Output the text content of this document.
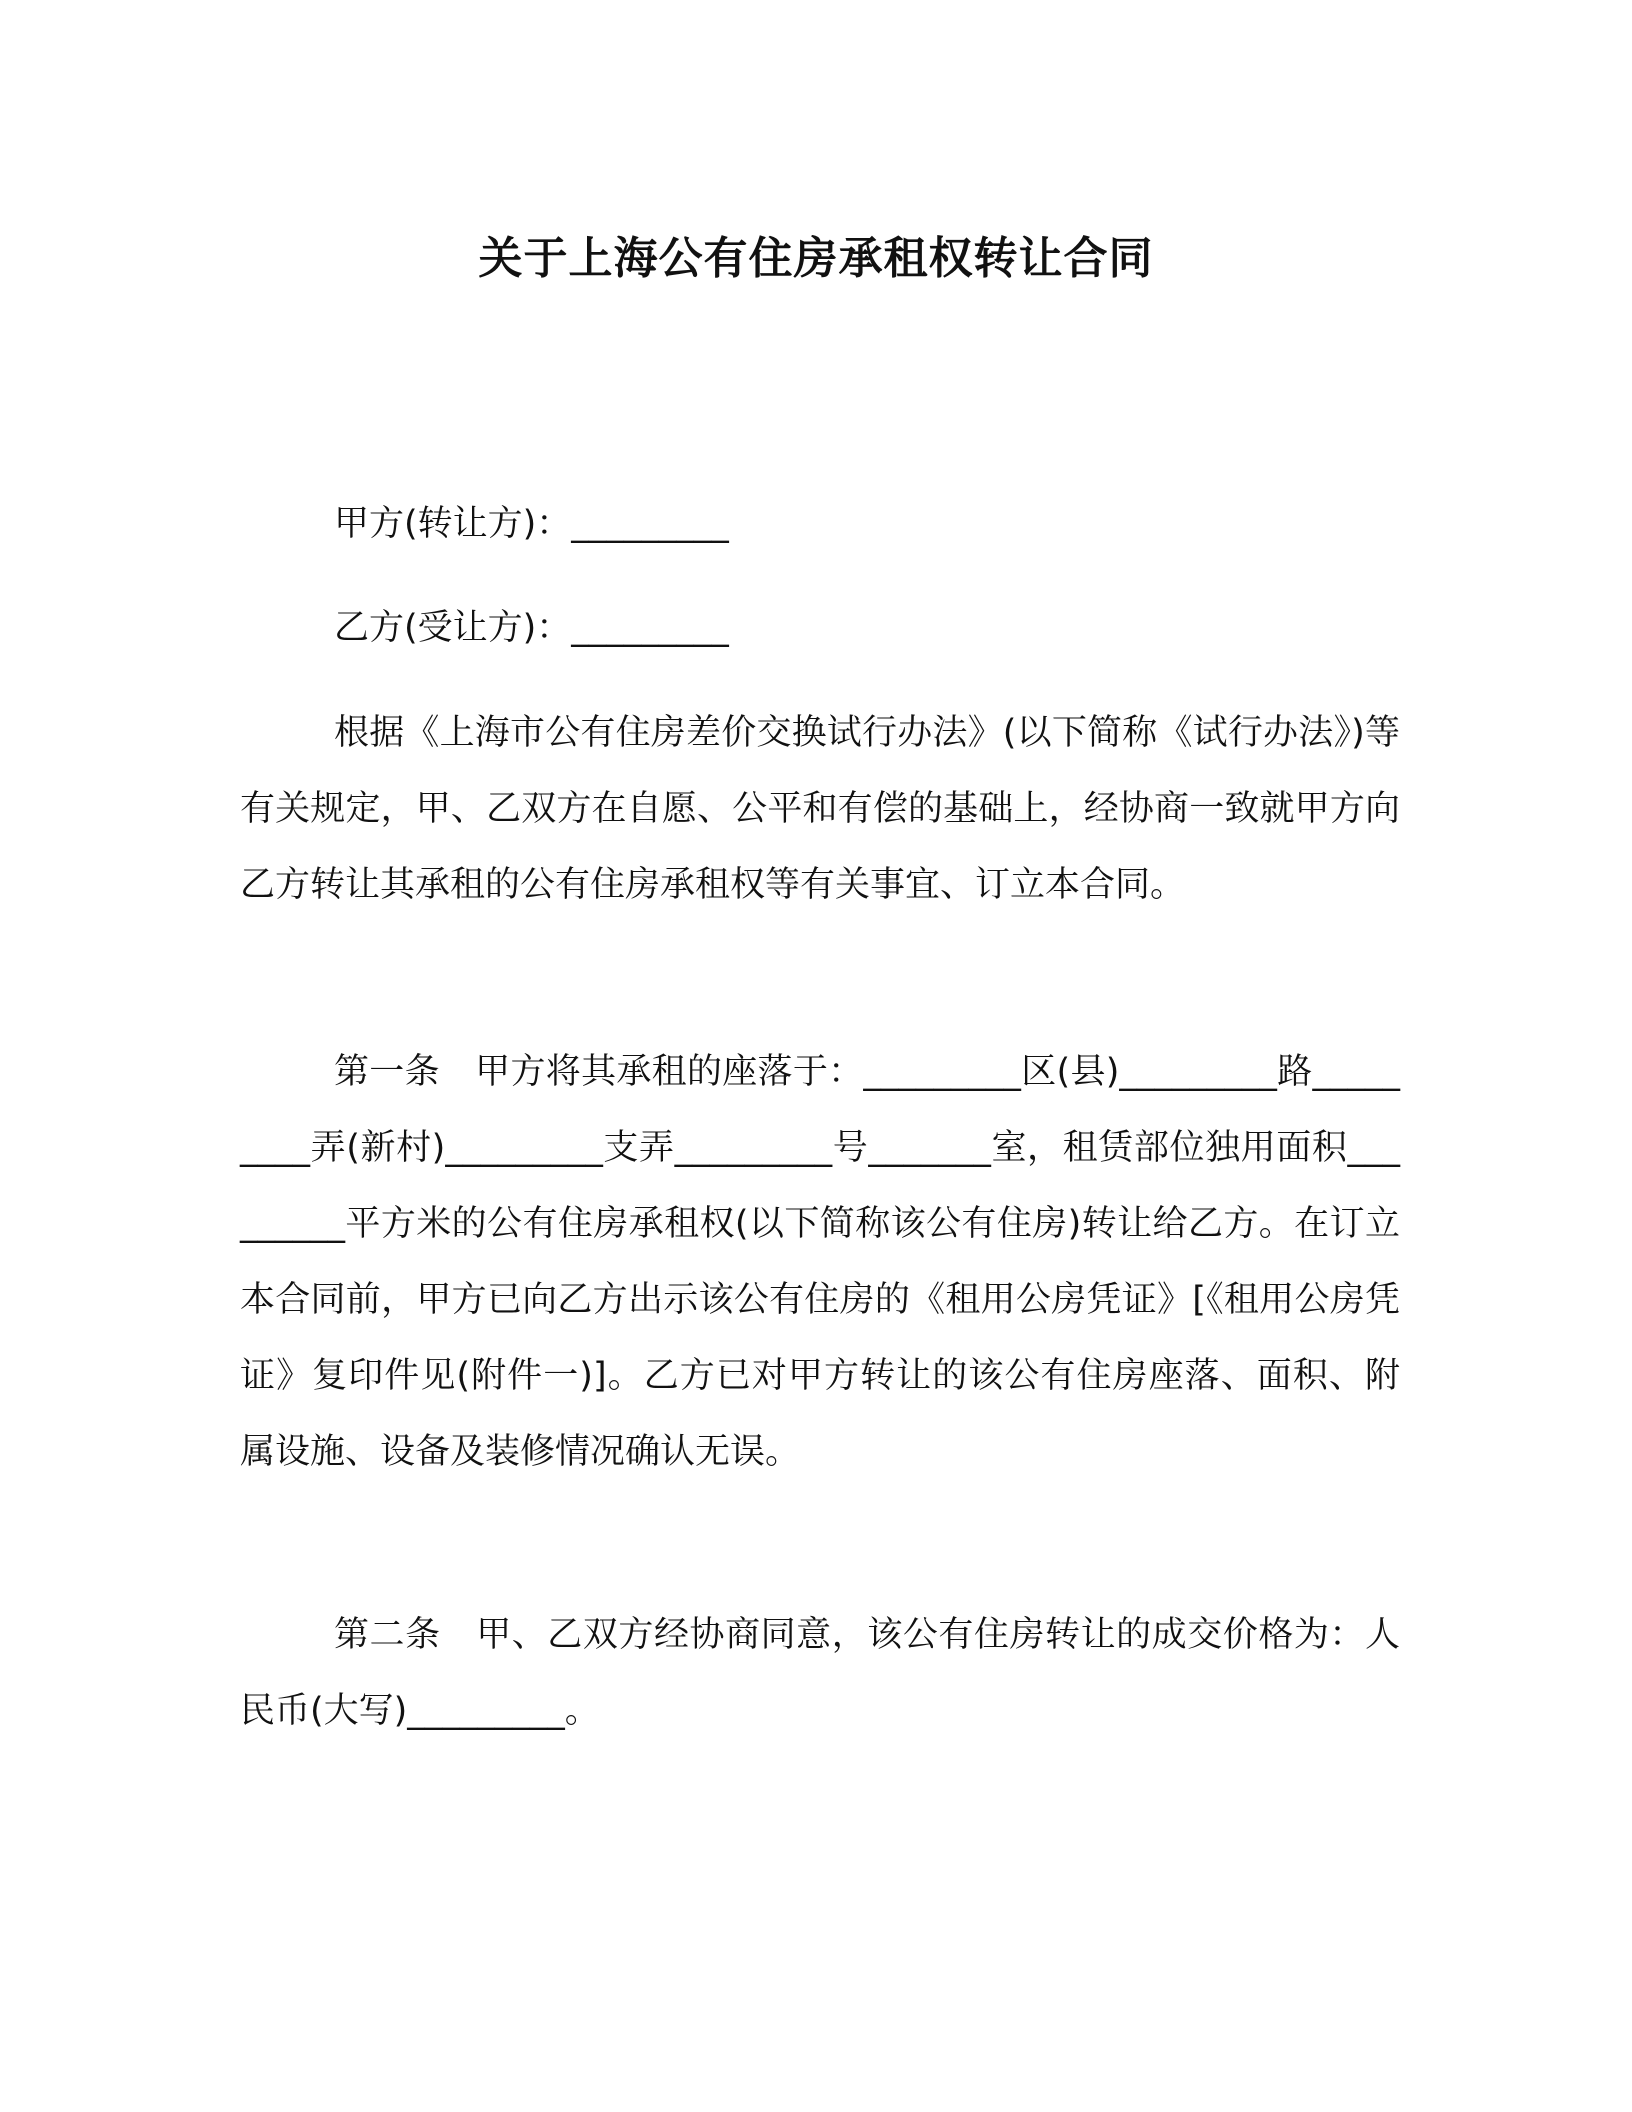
关于上海公有住房承租权转让合同
甲方(转让方)：_________
乙方(受让方)：_________

根据《上海市公有住房差价交换试行办法》(以下简称《试行办法》)等有关规定，甲、乙双方在自愿、公平和有偿的基础上，经协商一致就甲方向乙方转让其承租的公有住房承租权等有关事宜、订立本合同。

第一条　甲方将其承租的座落于：_________区(县)_________路_________弄(新村)_________支弄_________号_______室，租赁部位独用面积_________平方米的公有住房承租权(以下简称该公有住房)转让给乙方。在订立本合同前，甲方已向乙方出示该公有住房的《租用公房凭证》[《租用公房凭证》复印件见(附件一)]。乙方已对甲方转让的该公有住房座落、面积、附属设施、设备及装修情况确认无误。

第二条　甲、乙双方经协商同意，该公有住房转让的成交价格为：人民币(大写)_________。
